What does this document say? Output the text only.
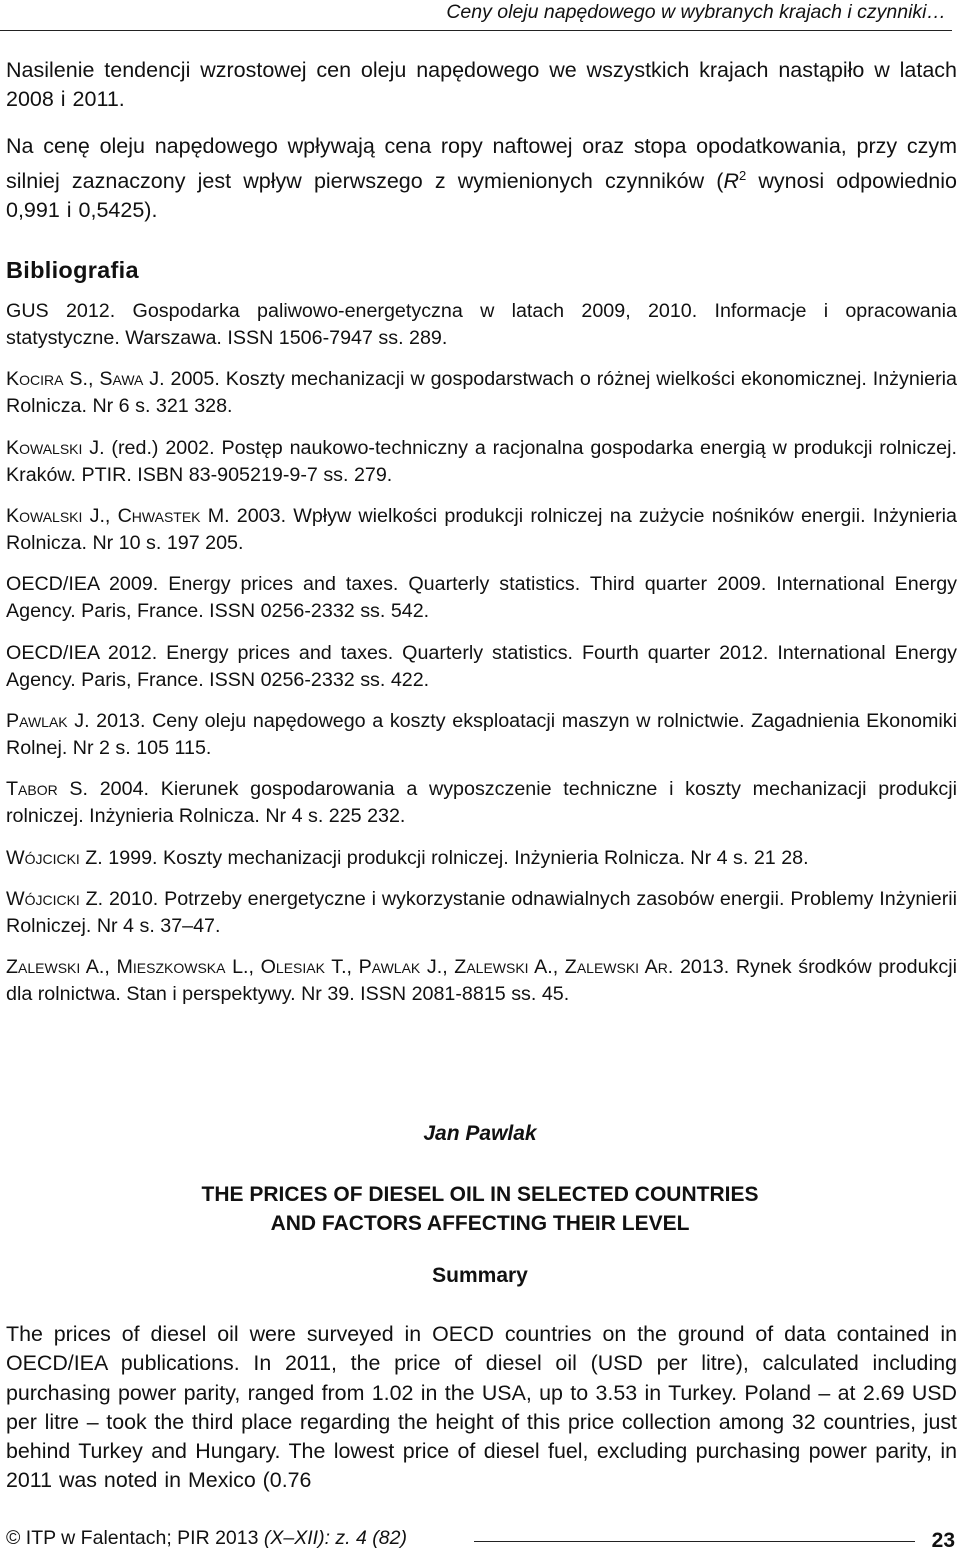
Ceny oleju napędowego w wybranych krajach i czynniki…

Nasilenie tendencji wzrostowej cen oleju napędowego we wszystkich krajach nastąpiło w latach 2008 i 2011.

Na cenę oleju napędowego wpływają cena ropy naftowej oraz stopa opodatkowania, przy czym silniej zaznaczony jest wpływ pierwszego z wymienionych czynników ($R^2$ wynosi odpowiednio 0,991 i 0,5425).

Bibliografia

GUS 2012. Gospodarka paliwowo-energetyczna w latach 2009, 2010. Informacje i opracowania statystyczne. Warszawa. ISSN 1506-7947 ss. 289.

Kocira S., Sawa J. 2005. Koszty mechanizacji w gospodarstwach o różnej wielkości ekonomicznej. Inżynieria Rolnicza. Nr 6 s. 321 328.

Kowalski J. (red.) 2002. Postęp naukowo-techniczny a racjonalna gospodarka energią w produkcji rolniczej. Kraków. PTIR. ISBN 83-905219-9-7 ss. 279.

Kowalski J., Chwastek M. 2003. Wpływ wielkości produkcji rolniczej na zużycie nośników energii. Inżynieria Rolnicza. Nr 10 s. 197 205.

OECD/IEA 2009. Energy prices and taxes. Quarterly statistics. Third quarter 2009. International Energy Agency. Paris, France. ISSN 0256-2332 ss. 542.

OECD/IEA 2012. Energy prices and taxes. Quarterly statistics. Fourth quarter 2012. International Energy Agency. Paris, France. ISSN 0256-2332 ss. 422.

Pawlak J. 2013. Ceny oleju napędowego a koszty eksploatacji maszyn w rolnictwie. Zagadnienia Ekonomiki Rolnej. Nr 2 s. 105 115.

Tabor S. 2004. Kierunek gospodarowania a wyposzczenie techniczne i koszty mechanizacji produkcji rolniczej. Inżynieria Rolnicza. Nr 4 s. 225 232.

Wójcicki Z. 1999. Koszty mechanizacji produkcji rolniczej. Inżynieria Rolnicza. Nr 4 s. 21 28.

Wójcicki Z. 2010. Potrzeby energetyczne i wykorzystanie odnawialnych zasobów energii. Problemy Inżynierii Rolniczej. Nr 4 s. 37–47.

Zalewski A., Mieszkowska L., Olesiak T., Pawlak J., Zalewski A., Zalewski Ar. 2013. Rynek środków produkcji dla rolnictwa. Stan i perspektywy. Nr 39. ISSN 2081-8815 ss. 45.

Jan Pawlak
THE PRICES OF DIESEL OIL IN SELECTED COUNTRIES
AND FACTORS AFFECTING THEIR LEVEL
Summary

The prices of diesel oil were surveyed in OECD countries on the ground of data contained in OECD/IEA publications. In 2011, the price of diesel oil (USD per litre), calculated including purchasing power parity, ranged from 1.02 in the USA, up to 3.53 in Turkey. Poland – at 2.69 USD per litre – took the third place regarding the height of this price collection among 32 countries, just behind Turkey and Hungary. The lowest price of diesel fuel, excluding purchasing power parity, in 2011 was noted in Mexico (0.76

© ITP w Falentach; PIR 2013 (X–XII): z. 4 (82)	23
